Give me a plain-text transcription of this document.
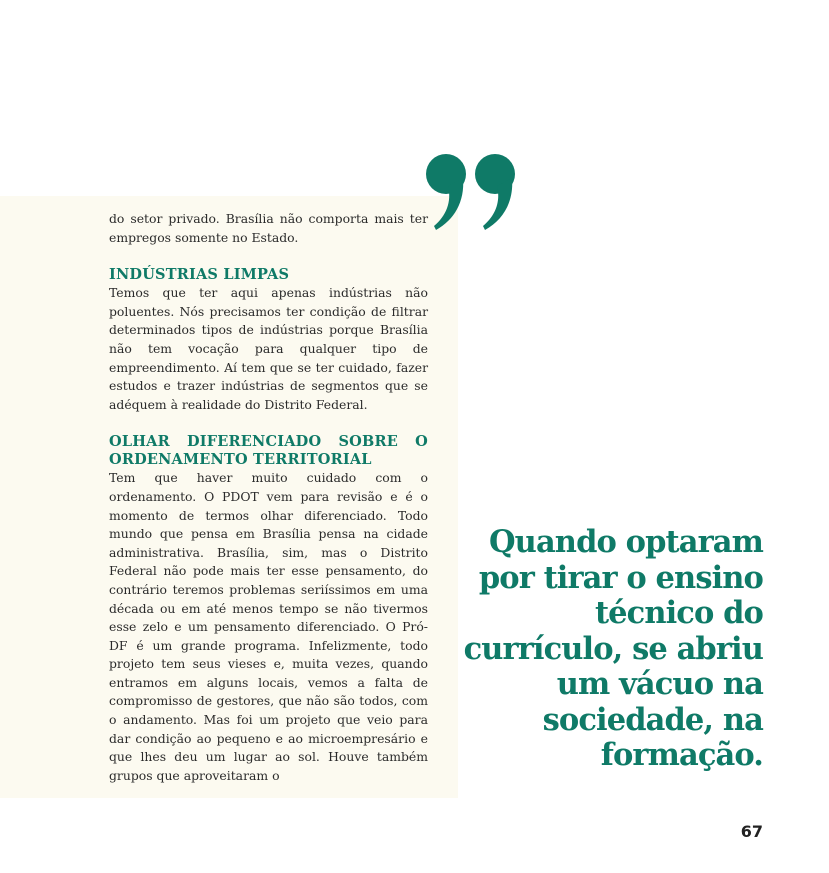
do setor privado. Brasília não comporta mais ter empregos somente no Estado.

INDÚSTRIAS LIMPAS

Temos que ter aqui apenas indústrias não poluentes. Nós precisamos ter condição de filtrar determinados tipos de indústrias porque Brasília não tem vocação para qualquer tipo de empreendimento. Aí tem que se ter cuidado, fazer estudos e trazer indústrias de segmentos que se adéquem à realidade do Distrito Federal.

OLHAR DIFERENCIADO SOBRE O ORDENAMENTO TERRITORIAL

Tem que haver muito cuidado com o ordenamento. O PDOT vem para revisão e é o momento de termos olhar diferenciado. Todo mundo que pensa em Brasília pensa na cidade administrativa. Brasília, sim, mas o Distrito Federal não pode mais ter esse pensamento, do contrário teremos problemas seriíssimos em uma década ou em até menos tempo se não tivermos esse zelo e um pensamento diferenciado. O Pró-DF é um grande programa. Infelizmente, todo projeto tem seus vieses e, muita vezes, quando entramos em alguns locais, vemos a falta de compromisso de gestores, que não são todos, com o andamento. Mas foi um projeto que veio para dar condição ao pequeno e ao microempresário e que lhes deu um lugar ao sol. Houve também grupos que aproveitaram o

Quando optaram por tirar o ensino técnico do currículo, se abriu um vácuo na sociedade, na formação.

67
